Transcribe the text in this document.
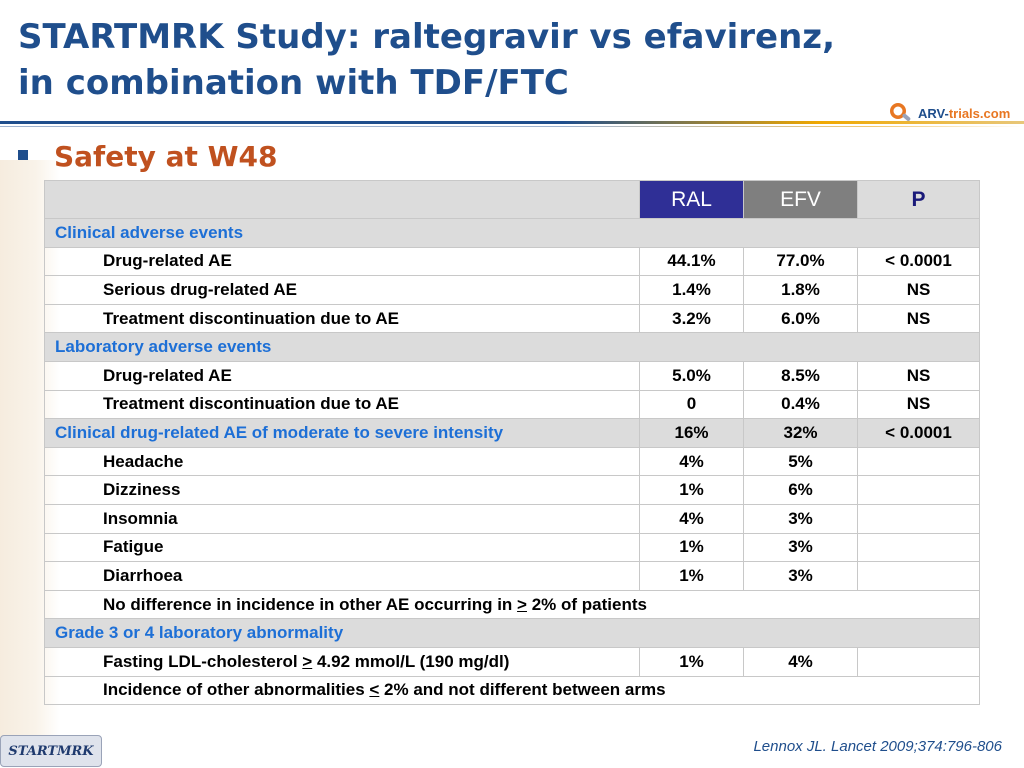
STARTMRK Study: raltegravir vs efavirenz,
in combination with TDF/FTC
ARV-trials.com
Safety at W48
	RAL	EFV	P
Clinical adverse events			
Drug-related AE	44.1%	77.0%	< 0.0001
Serious drug-related AE	1.4%	1.8%	NS
Treatment discontinuation due to AE	3.2%	6.0%	NS
Laboratory adverse events			
Drug-related AE	5.0%	8.5%	NS
Treatment discontinuation due to AE	0	0.4%	NS
Clinical drug-related AE of moderate to severe intensity	16%	32%	< 0.0001
Headache	4%	5%	
Dizziness	1%	6%	
Insomnia	4%	3%	
Fatigue	1%	3%	
Diarrhoea	1%	3%	
No difference in incidence in other AE occurring in > 2% of patients			
Grade 3 or 4 laboratory abnormality			
Fasting LDL-cholesterol > 4.92 mmol/L (190 mg/dl)	1%	4%	
Incidence of other abnormalities < 2% and not different between arms			
STARTMRK	Lennox JL. Lancet 2009;374:796-806
